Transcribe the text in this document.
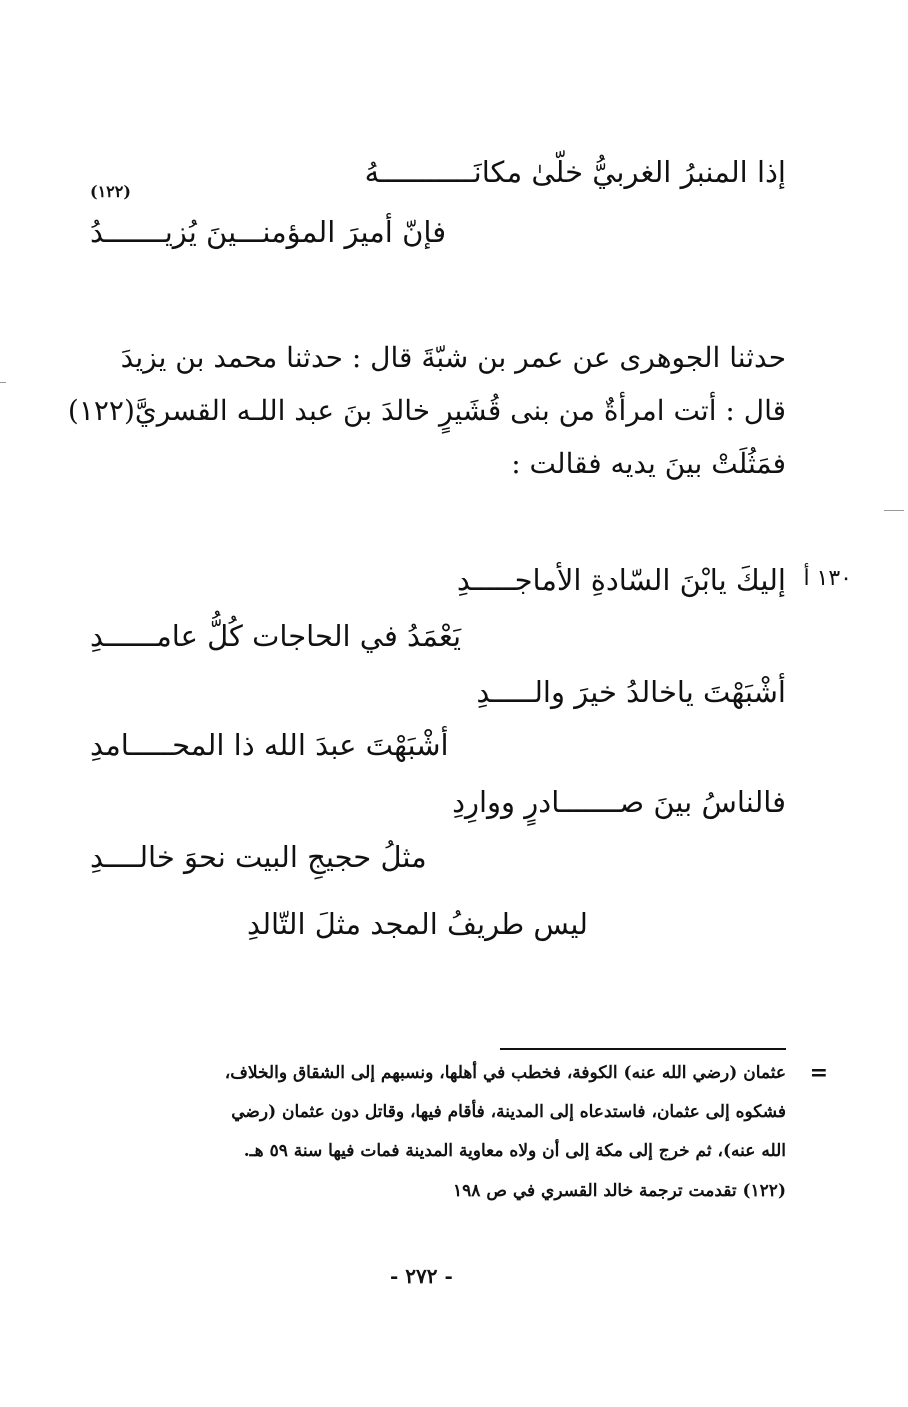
إذا المنبرُ الغربيُّ خلّىٰ مكانَـــــــــــهُ
(١٢٢)
فإنّ أميرَ المؤمنـــينَ يُزيـــــــدُ
حدثنا الجوهرى عن عمر بن شبّةَ قال : حدثنا محمد بن يزيدَ
قال : أتت امرأةٌ من بنى قُشَيرٍ خالدَ بنَ عبد اللـه القسريَّ(١٢٢)
فمَثُلَتْ بينَ يديه فقالت :
١٣٠ أ
إليكَ يابْنَ السّادةِ الأماجـــــدِ
يَعْمَدُ في الحاجات كُلُّ عامــــــدِ
أشْبَهْتَ ياخالدُ خيرَ والـــــدِ
أشْبَهْتَ عبدَ الله ذا المحـــــامدِ
فالناسُ بينَ صـــــــادرٍ ووارِدِ
مثلُ حجيجِ البيت نحوَ خالــــدِ
ليس طريفُ المجد مثلَ التّالدِ
=
عثمان (رضي الله عنه) الكوفة، فخطب في أهلها، ونسبهم إلى الشقاق والخلاف،
فشكوه إلى عثمان، فاستدعاه إلى المدينة، فأقام فيها، وقاتل دون عثمان (رضي
الله عنه)، ثم خرج إلى مكة إلى أن ولاه معاوية المدينة فمات فيها سنة ٥٩ هـ.
(١٢٢) تقدمت ترجمة خالد القسري في ص ١٩٨
- ٢٧٢ -
